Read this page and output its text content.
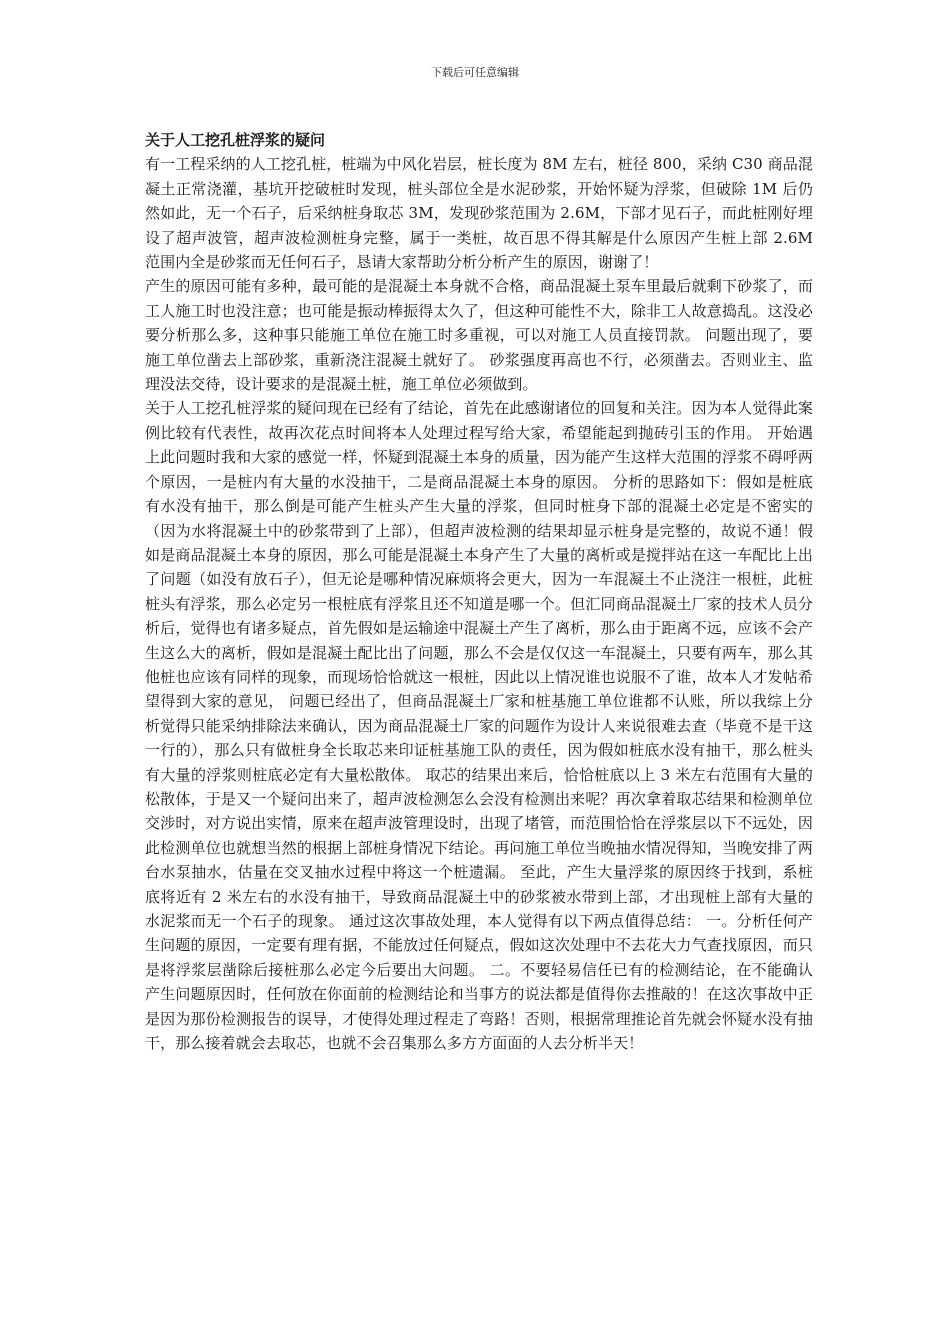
下载后可任意编辑
关于人工挖孔桩浮浆的疑问

有一工程采纳的人工挖孔桩，桩端为中风化岩层，桩长度为 8M 左右，桩径 800，采纳 C30 商品混凝土正常浇灌，基坑开挖破桩时发现，桩头部位全是水泥砂浆，开始怀疑为浮浆，但破除 1M 后仍然如此，无一个石子，后采纳桩身取芯 3M，发现砂浆范围为 2.6M，下部才见石子，而此桩刚好埋设了超声波管，超声波检测桩身完整，属于一类桩，故百思不得其解是什么原因产生桩上部 2.6M 范围内全是砂浆而无任何石子，恳请大家帮助分析分析产生的原因，谢谢了！

产生的原因可能有多种，最可能的是混凝土本身就不合格，商品混凝土泵车里最后就剩下砂浆了，而工人施工时也没注意；也可能是振动棒振得太久了，但这种可能性不大，除非工人故意捣乱。这没必要分析那么多，这种事只能施工单位在施工时多重视，可以对施工人员直接罚款。 问题出现了，要施工单位凿去上部砂浆，重新浇注混凝土就好了。 砂浆强度再高也不行，必须凿去。否则业主、监理没法交待，设计要求的是混凝土桩，施工单位必须做到。

关于人工挖孔桩浮浆的疑问现在已经有了结论，首先在此感谢诸位的回复和关注。因为本人觉得此案例比较有代表性，故再次花点时间将本人处理过程写给大家，希望能起到抛砖引玉的作用。 开始遇上此问题时我和大家的感觉一样，怀疑到混凝土本身的质量，因为能产生这样大范围的浮浆不碍呼两个原因，一是桩内有大量的水没抽干，二是商品混凝土本身的原因。 分析的思路如下：假如是桩底有水没有抽干，那么倒是可能产生桩头产生大量的浮浆，但同时桩身下部的混凝土必定是不密实的（因为水将混凝土中的砂浆带到了上部），但超声波检测的结果却显示桩身是完整的，故说不通！假如是商品混凝土本身的原因，那么可能是混凝土本身产生了大量的离析或是搅拌站在这一车配比上出了问题（如没有放石子），但无论是哪种情况麻烦将会更大，因为一车混凝土不止浇注一根桩，此桩桩头有浮浆，那么必定另一根桩底有浮浆且还不知道是哪一个。但汇同商品混凝土厂家的技术人员分析后，觉得也有诸多疑点，首先假如是运输途中混凝土产生了离析，那么由于距离不远，应该不会产生这么大的离析，假如是混凝土配比出了问题，那么不会是仅仅这一车混凝土，只要有两车，那么其他桩也应该有同样的现象，而现场恰恰就这一根桩，因此以上情况谁也说服不了谁，故本人才发帖希望得到大家的意见， 问题已经出了，但商品混凝土厂家和桩基施工单位谁都不认账，所以我综上分析觉得只能采纳排除法来确认，因为商品混凝土厂家的问题作为设计人来说很难去查（毕竟不是干这一行的），那么只有做桩身全长取芯来印证桩基施工队的责任，因为假如桩底水没有抽干，那么桩头有大量的浮浆则桩底必定有大量松散体。 取芯的结果出来后，恰恰桩底以上 3 米左右范围有大量的松散体，于是又一个疑问出来了，超声波检测怎么会没有检测出来呢？再次拿着取芯结果和检测单位交涉时，对方说出实情，原来在超声波管理设时，出现了堵管，而范围恰恰在浮浆层以下不远处，因此检测单位也就想当然的根据上部桩身情况下结论。再问施工单位当晚抽水情况得知，当晚安排了两台水泵抽水，估量在交叉抽水过程中将这一个桩遗漏。 至此，产生大量浮浆的原因终于找到，系桩底将近有 2 米左右的水没有抽干，导致商品混凝土中的砂浆被水带到上部，才出现桩上部有大量的水泥浆而无一个石子的现象。 通过这次事故处理，本人觉得有以下两点值得总结： 一。分析任何产生问题的原因，一定要有理有据，不能放过任何疑点，假如这次处理中不去花大力气查找原因，而只是将浮浆层凿除后接桩那么必定今后要出大问题。 二。不要轻易信任已有的检测结论，在不能确认产生问题原因时，任何放在你面前的检测结论和当事方的说法都是值得你去推敲的！在这次事故中正是因为那份检测报告的误导，才使得处理过程走了弯路！否则，根据常理推论首先就会怀疑水没有抽干，那么接着就会去取芯，也就不会召集那么多方方面面的人去分析半天！
